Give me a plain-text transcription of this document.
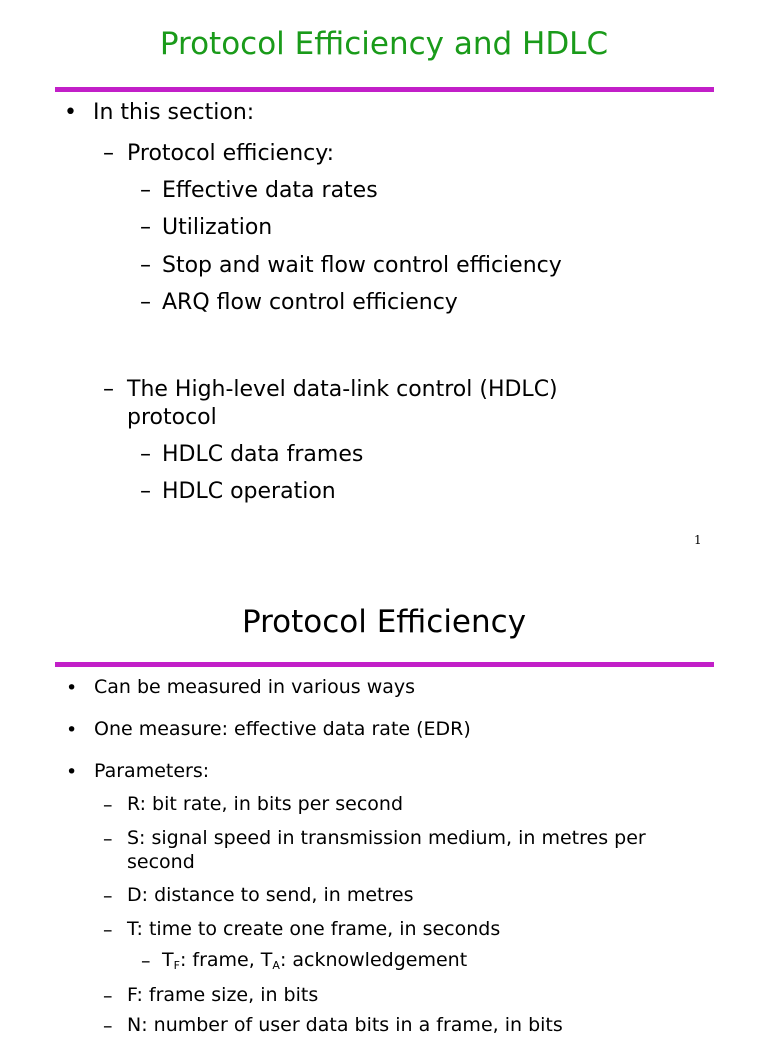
Protocol Efficiency and HDLC
• In this section:
– Protocol efficiency:
– Effective data rates
– Utilization
– Stop and wait flow control efficiency
– ARQ flow control efficiency
– The High-level data-link control (HDLC)
protocol
– HDLC data frames
– HDLC operation
1
Protocol Efficiency
• Can be measured in various ways
• One measure: effective data rate (EDR)
• Parameters:
– R: bit rate, in bits per second
– S: signal speed in transmission medium, in metres per
second
– D: distance to send, in metres
– T: time to create one frame, in seconds
– $T_F$: frame, $T_A$: acknowledgement
– F: frame size, in bits
– N: number of user data bits in a frame, in bits
